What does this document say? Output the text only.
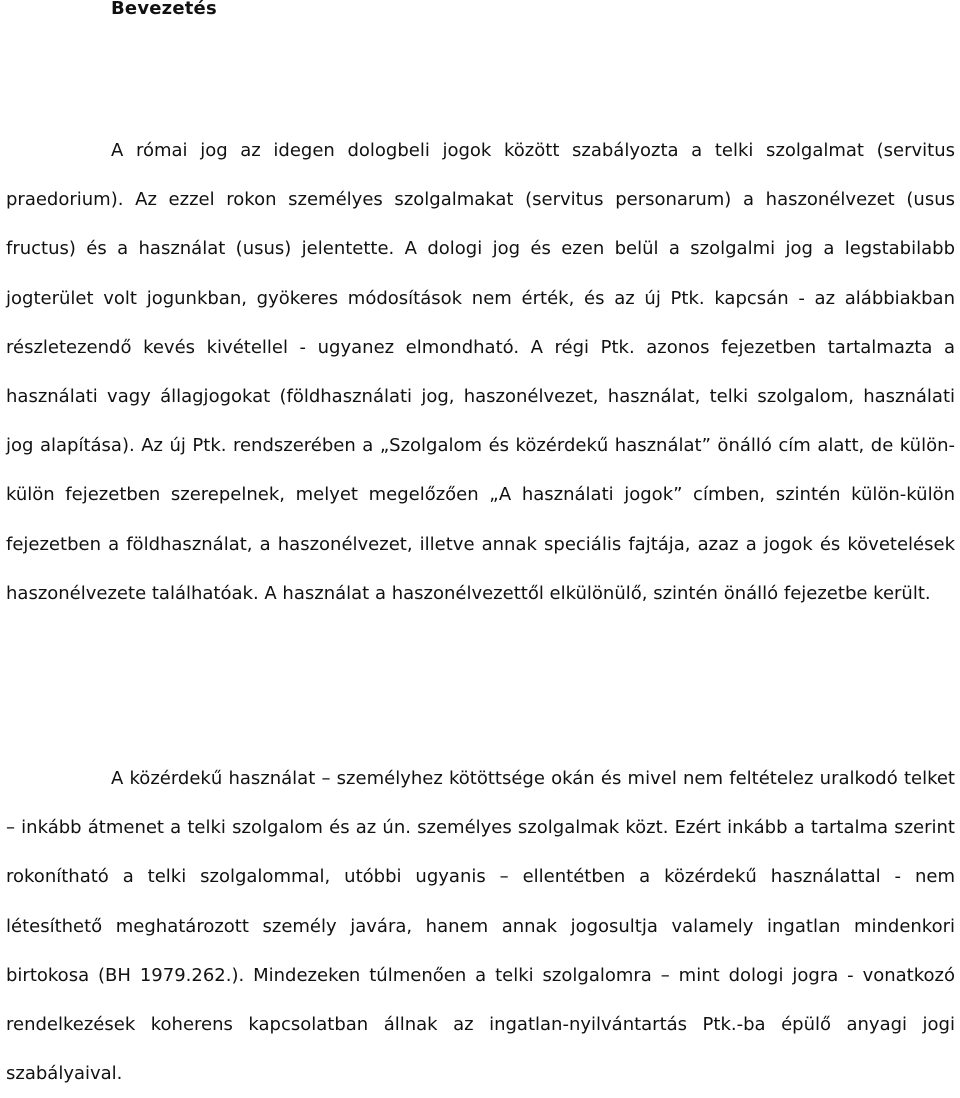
Bevezetés

A római jog az idegen dologbeli jogok között szabályozta a telki szolgalmat (servitus praedorium). Az ezzel rokon személyes szolgalmakat (servitus personarum) a haszonélvezet (usus fructus) és a használat (usus) jelentette. A dologi jog és ezen belül a szolgalmi jog a legstabilabb jogterület volt jogunkban, gyökeres módosítások nem érték, és az új Ptk. kapcsán - az alábbiakban részletezendő kevés kivétellel - ugyanez elmondható. A régi Ptk. azonos fejezetben tartalmazta a használati vagy állagjogokat (földhasználati jog, haszonélvezet, használat, telki szolgalom, használati jog alapítása). Az új Ptk. rendszerében a „Szolgalom és közérdekű használat” önálló cím alatt, de külön-külön fejezetben szerepelnek, melyet megelőzően „A használati jogok” címben, szintén külön-külön fejezetben a földhasználat, a haszonélvezet, illetve annak speciális fajtája, azaz a jogok és követelések haszonélvezete találhatóak. A használat a haszonélvezettől elkülönülő, szintén önálló fejezetbe került.

A közérdekű használat – személyhez kötöttsége okán és mivel nem feltételez uralkodó telket – inkább átmenet a telki szolgalom és az ún. személyes szolgalmak közt. Ezért inkább a tartalma szerint rokonítható a telki szolgalommal, utóbbi ugyanis – ellentétben a közérdekű használattal - nem létesíthető meghatározott személy javára, hanem annak jogosultja valamely ingatlan mindenkori birtokosa (BH 1979.262.). Mindezeken túlmenően a telki szolgalomra – mint dologi jogra - vonatkozó rendelkezések koherens kapcsolatban állnak az ingatlan-nyilvántartás Ptk.-ba épülő anyagi jogi szabályaival.
